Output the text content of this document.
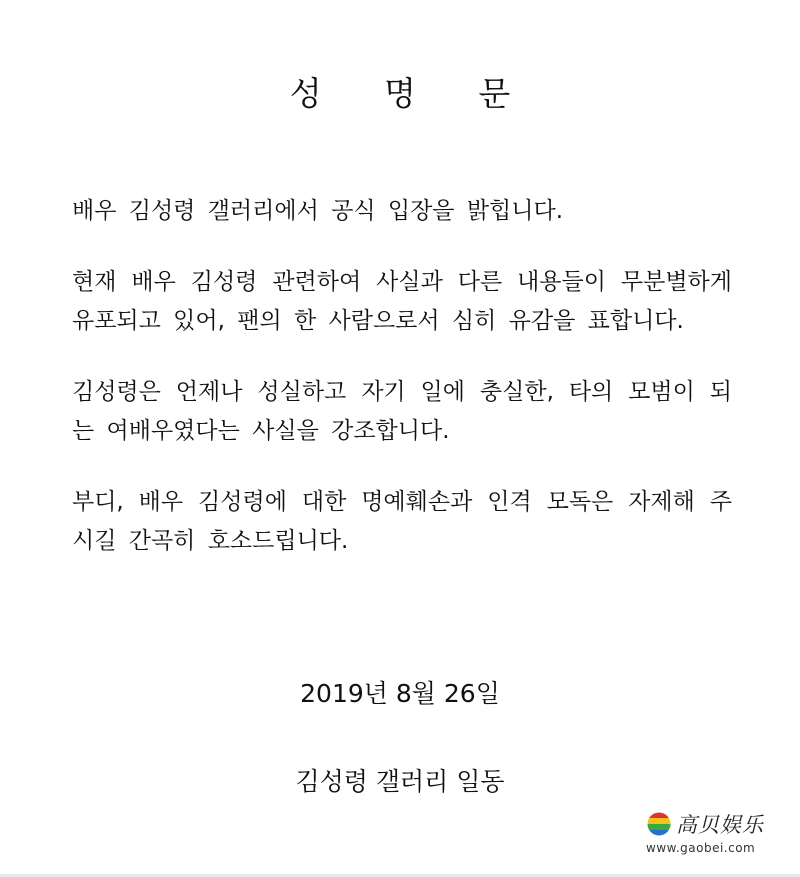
성 명 문

배우 김성령 갤러리에서 공식 입장을 밝힙니다.

현재 배우 김성령 관련하여 사실과 다른 내용들이 무분별하게 유포되고 있어, 팬의 한 사람으로서 심히 유감을 표합니다.

김성령은 언제나 성실하고 자기 일에 충실한, 타의 모범이 되는 여배우였다는 사실을 강조합니다.

부디, 배우 김성령에 대한 명예훼손과 인격 모독은 자제해 주시길 간곡히 호소드립니다.

2019년 8월 26일
김성령 갤러리 일동
高贝娱乐
www.gaobei.com
